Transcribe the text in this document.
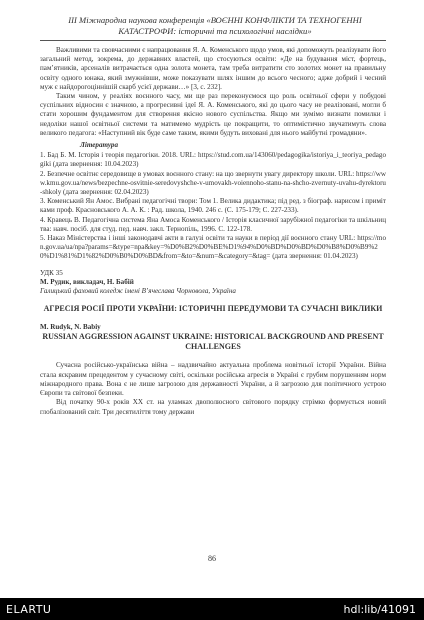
ІІІ Міжнародна наукова конференція «ВОЄННІ КОНФЛІКТИ ТА ТЕХНОГЕННІ
КАТАСТРОФИ: історичні та психологічні наслідки»

Важливими та свовчасними є напрацювання Я. А. Коменського щодо умов, які допоможуть реалізувати його загальний метод, зокрема, до державних властей, що стосуються освіти: «Де на будування міст, фортець, пам’ятників, арсеналів витрачається одна золота монета, там треба витратити сто золотих монет на правильну освіту одного юнака, який змужнівши, може показувати шлях іншим до всього чесного; адже добрий і чесний муж є найдорогоціннішій скарб усієї держави…» [3, с. 232].

Таким чином, у реаліях воєнного часу, ми ще раз переконуємося що роль освітньої сфери у побудові суспільних відносин є значною, а прогресивні ідеї Я. А. Коменського, які до цього часу не реалізовані, могли б стати хорошим фундаментом для створення якісно нового суспільства. Якщо ми зумімо визнати помилки і недоліки нашої освітньої системи та матимемо мудрість це покращити, то оптимістично звучатимуть слова великого педагога: «Наступний вік буде саме таким, якими будуть виховані для нього майбутні громадяни».

Література
1. Бад Б. М. Історія і теорія педагогіки. 2018. URL: https://stud.com.ua/143060/pedagogika/istoriya_i_teoriya_pedagogiki (дата звернення: 10.04.2023)
2. Безпечне освітнє середовище в умовах воєнного стану: на що звернути увагу директору школи. URL: https://www.kmu.gov.ua/news/bezpechne-osvitnie-seredovyshche-v-umovakh-voiennoho-stanu-na-shcho-zvernuty-uvahu-dyrektoru-shkoly (дата звернення: 02.04.2023)
3. Коменський Ян Амос. Вибрані педагогічні твори: Том 1. Велика дидактика; під ред. з біограф. нарисом і примітками проф. Красновського А. А. К. : Рад. школа, 1940. 246 с. (С. 175-179; С. 227-233).
4. Кравець В. Педагогічна система Яна Амоса Коменського / Історія класичної зарубіжної педагогіки та шкільництва: навч. посіб. для студ. пед. навч. закл. Тернопіль, 1996. С. 122-178.
5. Наказ Міністерства і інші законодавчі акти в галузі освіти та науки в період дії воєнного стану URL: https://mon.gov.ua/ua/npa?params=&type=npa&key=%D0%B2%D0%BE%D1%94%D0%BD%D0%BD%D0%B8%D0%B9%20%D1%81%D1%82%D0%B0%D0%BD&from=&to=&num=&category=&tag= (дата звернення: 01.04.2023)
УДК 35
М. Рудик, викладач, Н. Бабій
Галицький фаховий коледж імені В’ячеслава Чорновола, Україна
АГРЕСІЯ РОСІЇ ПРОТИ УКРАЇНИ: ІСТОРИЧНІ ПЕРЕДУМОВИ ТА СУЧАСНІ ВИКЛИКИ
M. Rudyk, N. Babiy
RUSSIAN AGGRESSION AGAINST UKRAINE: HISTORICAL BACKGROUND AND PRESENT CHALLENGES

Сучасна російсько-українська війна – надзвичайно актуальна проблема новітньої історії України. Війна стала яскравим прецедентом у сучасному світі, оскільки російська агресія в Україні є грубим порушенням норм міжнародного права. Вона є не лише загрозою для державності України, а й загрозою для політичного устрою Європи та світової безпеки.

Від початку 90-х років ХХ ст. на уламках двополюсного світового порядку стрімко формується новий глобалізований світ. Три десятиліття тому держави

86
ELARTU	hdl:lib/41091
